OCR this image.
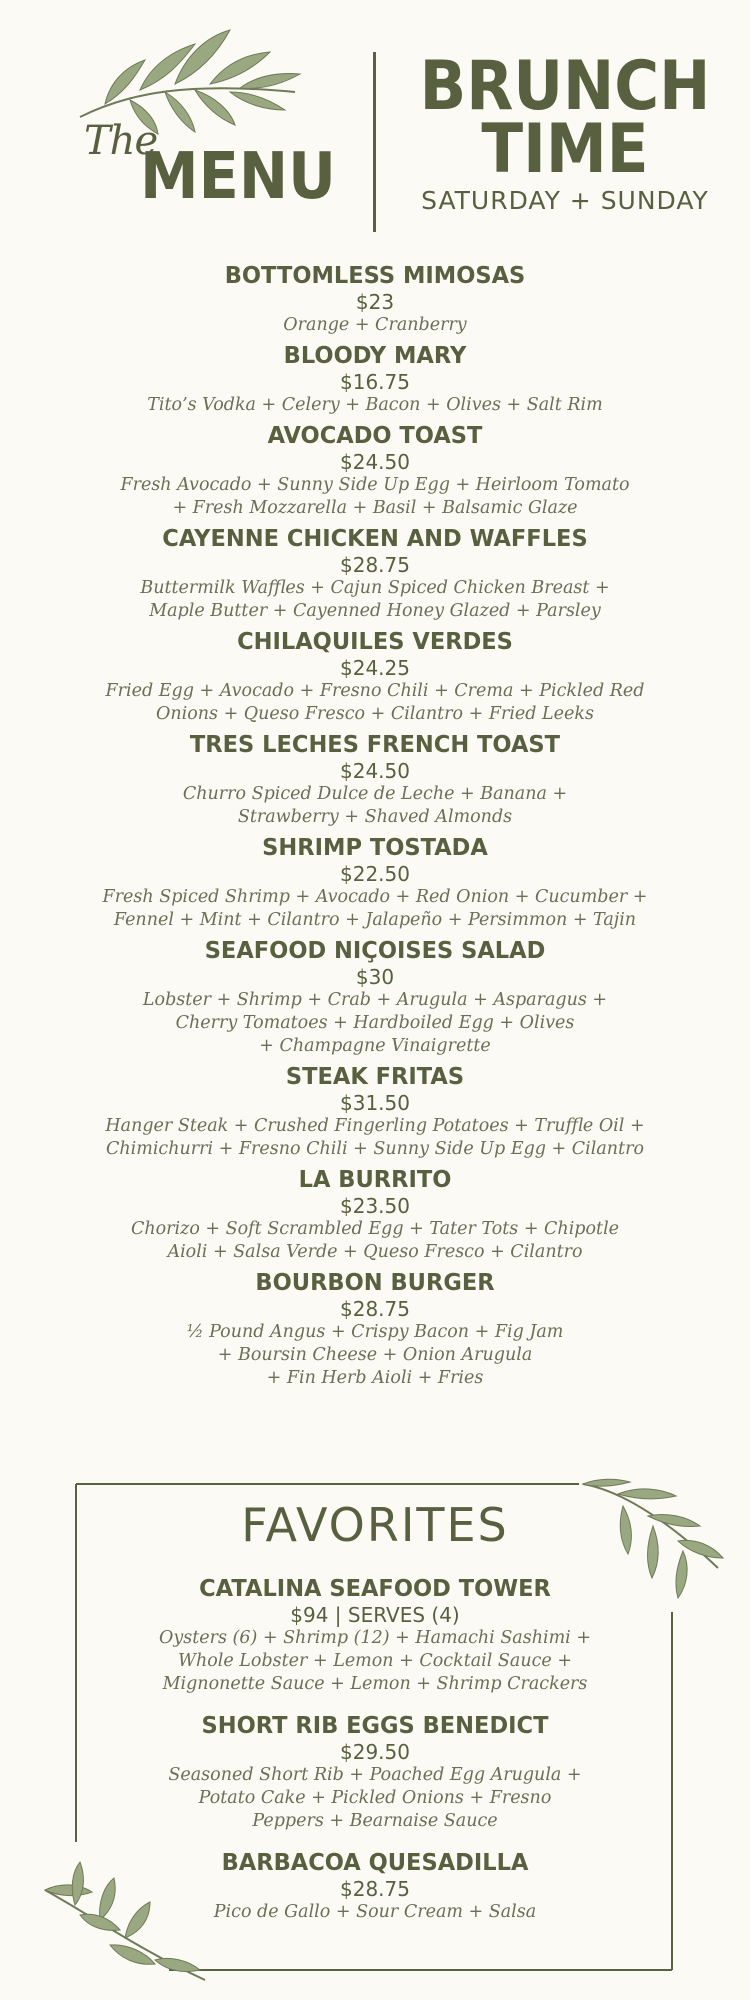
The
MENU
BRUNCH
TIME
SATURDAY + SUNDAY
BOTTOMLESS MIMOSAS
$23
Orange + Cranberry
BLOODY MARY
$16.75
Tito’s Vodka + Celery + Bacon + Olives + Salt Rim
AVOCADO TOAST
$24.50
Fresh Avocado + Sunny Side Up Egg + Heirloom Tomato
+ Fresh Mozzarella + Basil + Balsamic Glaze
CAYENNE CHICKEN AND WAFFLES
$28.75
Buttermilk Waffles + Cajun Spiced Chicken Breast +
Maple Butter + Cayenned Honey Glazed + Parsley
CHILAQUILES VERDES
$24.25
Fried Egg + Avocado + Fresno Chili + Crema + Pickled Red
Onions + Queso Fresco + Cilantro + Fried Leeks
TRES LECHES FRENCH TOAST
$24.50
Churro Spiced Dulce de Leche + Banana +
Strawberry + Shaved Almonds
SHRIMP TOSTADA
$22.50
Fresh Spiced Shrimp + Avocado + Red Onion + Cucumber +
Fennel + Mint + Cilantro + Jalapeño + Persimmon + Tajin
SEAFOOD NIÇOISES SALAD
$30
Lobster + Shrimp + Crab + Arugula + Asparagus +
Cherry Tomatoes + Hardboiled Egg + Olives
+ Champagne Vinaigrette
STEAK FRITAS
$31.50
Hanger Steak + Crushed Fingerling Potatoes + Truffle Oil +
Chimichurri + Fresno Chili + Sunny Side Up Egg + Cilantro
LA BURRITO
$23.50
Chorizo + Soft Scrambled Egg + Tater Tots + Chipotle
Aioli + Salsa Verde + Queso Fresco + Cilantro
BOURBON BURGER
$28.75
½ Pound Angus + Crispy Bacon + Fig Jam
+ Boursin Cheese + Onion Arugula
+ Fin Herb Aioli + Fries
FAVORITES
CATALINA SEAFOOD TOWER
$94 | SERVES (4)
Oysters (6) + Shrimp (12) + Hamachi Sashimi +
Whole Lobster + Lemon + Cocktail Sauce +
Mignonette Sauce + Lemon + Shrimp Crackers
SHORT RIB EGGS BENEDICT
$29.50
Seasoned Short Rib + Poached Egg Arugula +
Potato Cake + Pickled Onions + Fresno
Peppers + Bearnaise Sauce
BARBACOA QUESADILLA
$28.75
Pico de Gallo + Sour Cream + Salsa
